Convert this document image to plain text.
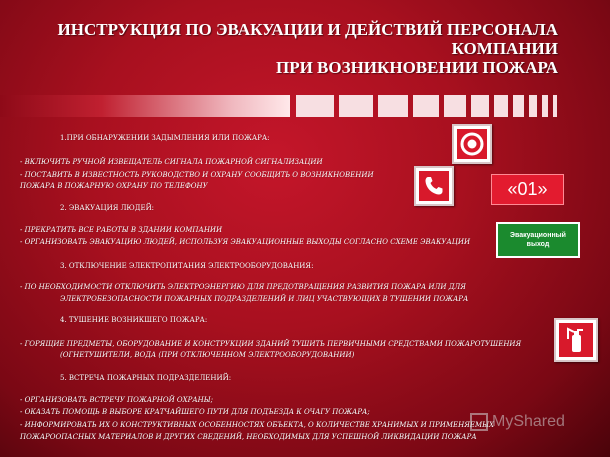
ИНСТРУКЦИЯ ПО ЭВАКУАЦИИ И ДЕЙСТВИЙ ПЕРСОНАЛА
КОМПАНИИ
ПРИ ВОЗНИКНОВЕНИИ ПОЖАРА
1.ПРИ ОБНАРУЖЕНИИ ЗАДЫМЛЕНИЯ ИЛИ ПОЖАРА:
- ВКЛЮЧИТЬ РУЧНОЙ ИЗВЕЩАТЕЛЬ СИГНАЛА ПОЖАРНОЙ СИГНАЛИЗАЦИИ
- ПОСТАВИТЬ В ИЗВЕСТНОСТЬ РУКОВОДСТВО И ОХРАНУ СООБЩИТЬ О ВОЗНИКНОВЕНИИ
ПОЖАРА В ПОЖАРНУЮ ОХРАНУ ПО ТЕЛЕФОНУ
2. ЭВАКУАЦИЯ ЛЮДЕЙ:
- ПРЕКРАТИТЬ ВСЕ РАБОТЫ В ЗДАНИИ КОМПАНИИ
- ОРГАНИЗОВАТЬ ЭВАКУАЦИЮ ЛЮДЕЙ, ИСПОЛЬЗУЯ ЭВАКУАЦИОННЫЕ ВЫХОДЫ СОГЛАСНО СХЕМЕ ЭВАКУАЦИИ
3. ОТКЛЮЧЕНИЕ ЭЛЕКТРОПИТАНИЯ ЭЛЕКТРООБОРУДОВАНИЯ:
- ПО НЕОБХОДИМОСТИ ОТКЛЮЧИТЬ ЭЛЕКТРОЭНЕРГИЮ ДЛЯ ПРЕДОТВРАЩЕНИЯ РАЗВИТИЯ ПОЖАРА ИЛИ ДЛЯ
ЭЛЕКТРОБЕЗОПАСНОСТИ ПОЖАРНЫХ ПОДРАЗДЕЛЕНИЙ И ЛИЦ УЧАСТВУЮЩИХ В ТУШЕНИИ ПОЖАРА
4. ТУШЕНИЕ ВОЗНИКШЕГО ПОЖАРА:
- ГОРЯЩИЕ ПРЕДМЕТЫ, ОБОРУДОВАНИЕ И КОНСТРУКЦИИ ЗДАНИЙ ТУШИТЬ ПЕРВИЧНЫМИ СРЕДСТВАМИ ПОЖАРОТУШЕНИЯ
(ОГНЕТУШИТЕЛИ, ВОДА (ПРИ ОТКЛЮЧЕННОМ ЭЛЕКТРООБОРУДОВАНИИ)
5. ВСТРЕЧА ПОЖАРНЫХ ПОДРАЗДЕЛЕНИЙ:
- ОРГАНИЗОВАТЬ ВСТРЕЧУ ПОЖАРНОЙ ОХРАНЫ;
- ОКАЗАТЬ ПОМОЩЬ В ВЫБОРЕ КРАТЧАЙШЕГО ПУТИ ДЛЯ ПОДЪЕЗДА К ОЧАГУ ПОЖАРА;
- ИНФОРМИРОВАТЬ ИХ О КОНСТРУКТИВНЫХ ОСОБЕННОСТЯХ ОБЪЕКТА, О КОЛИЧЕСТВЕ ХРАНИМЫХ И ПРИМЕНЯЕМЫХ
ПОЖАРООПАСНЫХ МАТЕРИАЛОВ И ДРУГИХ СВЕДЕНИЙ, НЕОБХОДИМЫХ ДЛЯ УСПЕШНОЙ ЛИКВИДАЦИИ ПОЖАРА
«01»
Эвакуационный
выход
MyShared
